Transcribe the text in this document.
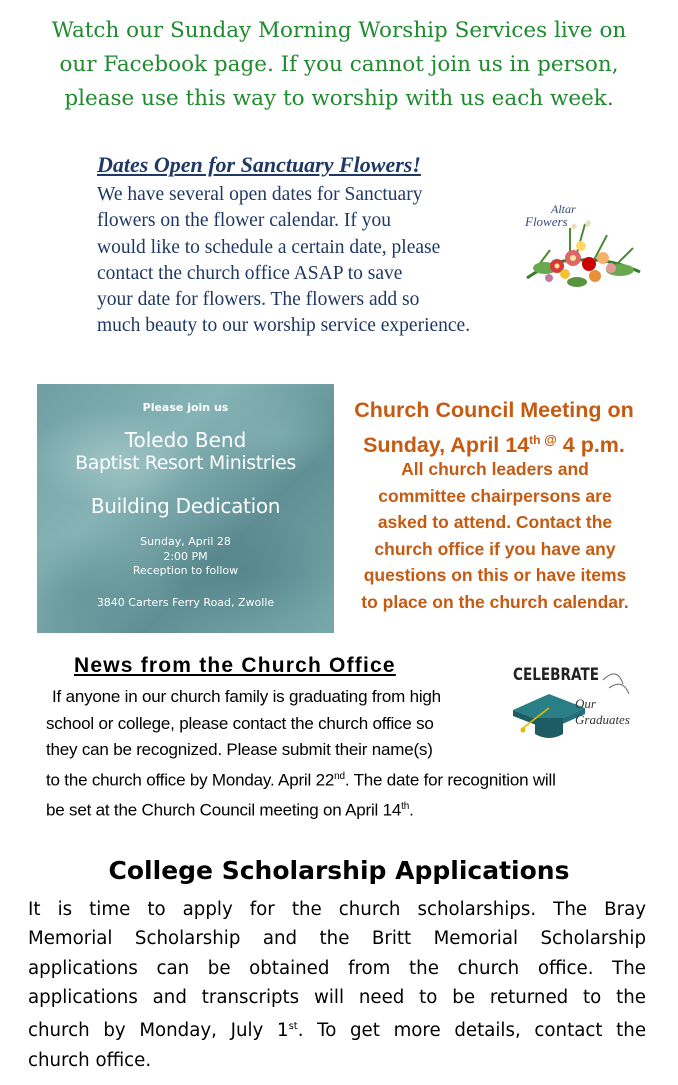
Watch our Sunday Morning Worship Services live on
our Facebook page. If you cannot join us in person,
please use this way to worship with us each week.
Dates Open for Sanctuary Flowers!
We have several open dates for Sanctuary
flowers on the flower calendar. If you
would like to schedule a certain date, please
contact the church office ASAP to save
your date for flowers. The flowers add so
much beauty to our worship service experience.
Altar
Flowers
Please join us
Toledo Bend
Baptist Resort Ministries
Building Dedication
Sunday, April 28
2:00 PM
Reception to follow
3840 Carters Ferry Road, Zwolle
Church Council Meeting on
Sunday, April 14th @ 4 p.m.
All church leaders and
committee chairpersons are
asked to attend. Contact the
church office if you have any
questions on this or have items
to place on the church calendar.
News from the Church Office
If anyone in our church family is graduating from high
school or college, please contact the church office so
they can be recognized. Please submit their name(s)
to the church office by Monday. April 22nd. The date for recognition will
be set at the Church Council meeting on April 14th.
CELEBRATE
Our
Graduates
College Scholarship Applications
It is time to apply for the church scholarships. The Bray
Memorial Scholarship and the Britt Memorial Scholarship
applications can be obtained from the church office. The
applications and transcripts will need to be returned to the
church by Monday, July 1st. To get more details, contact the
church office.
